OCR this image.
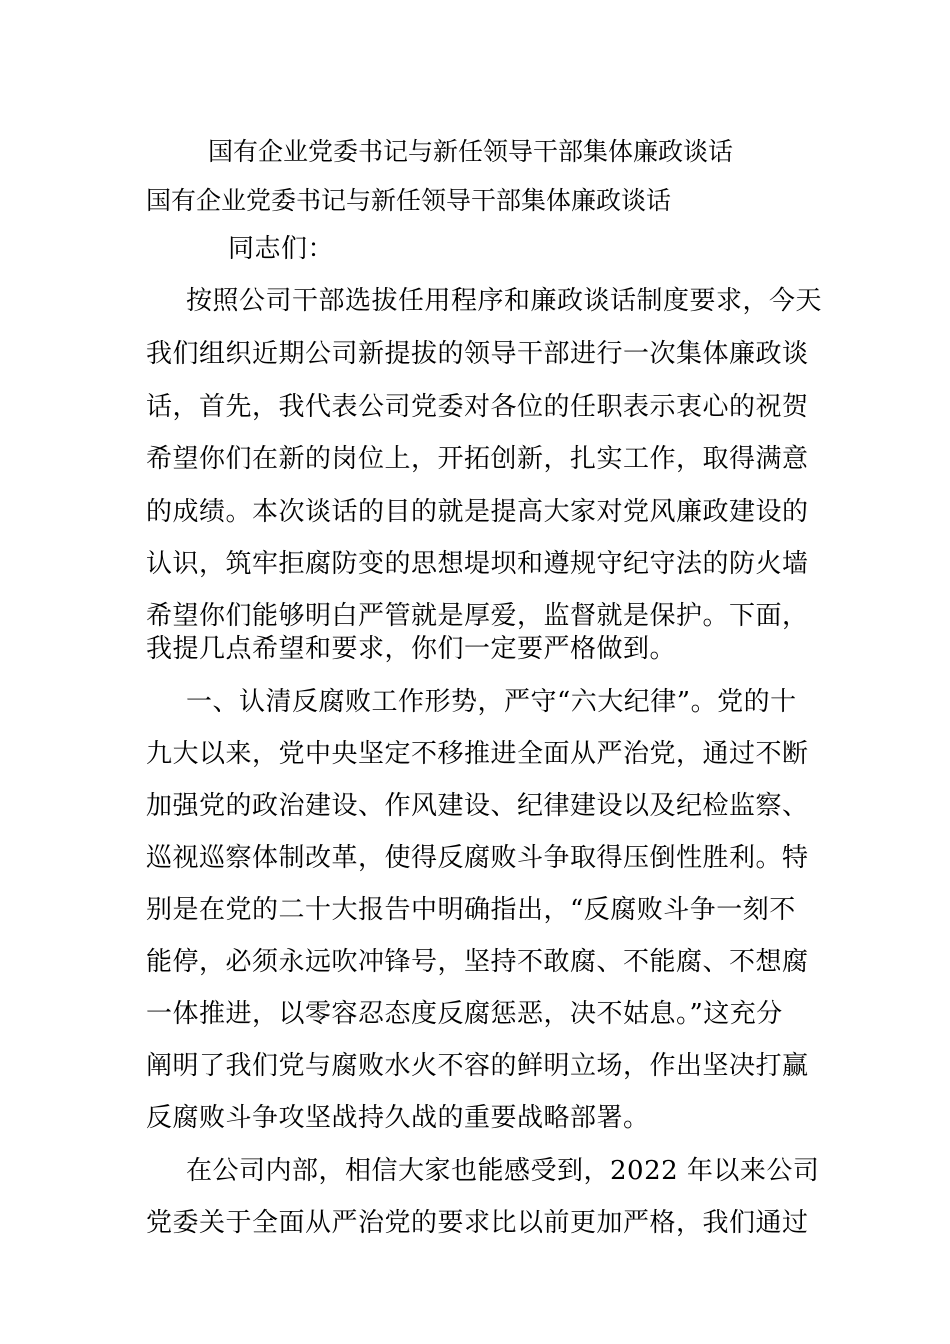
国有企业党委书记与新任领导干部集体廉政谈话
国有企业党委书记与新任领导干部集体廉政谈话
同志们：
按照公司干部选拔任用程序和廉政谈话制度要求，今天
我们组织近期公司新提拔的领导干部进行一次集体廉政谈
话，首先，我代表公司党委对各位的任职表示衷心的祝贺
希望你们在新的岗位上，开拓创新，扎实工作，取得满意
的成绩。本次谈话的目的就是提高大家对党风廉政建设的
认识，筑牢拒腐防变的思想堤坝和遵规守纪守法的防火墙
希望你们能够明白严管就是厚爱，监督就是保护。下面，
我提几点希望和要求，你们一定要严格做到。
一、认清反腐败工作形势，严守“六大纪律”。党的十
九大以来，党中央坚定不移推进全面从严治党，通过不断
加强党的政治建设、作风建设、纪律建设以及纪检监察、
巡视巡察体制改革，使得反腐败斗争取得压倒性胜利。特
别是在党的二十大报告中明确指出，“反腐败斗争一刻不
能停，必须永远吹冲锋号，坚持不敢腐、不能腐、不想腐
一体推进，以零容忍态度反腐惩恶，决不姑息。”这充分
阐明了我们党与腐败水火不容的鲜明立场，作出坚决打赢
反腐败斗争攻坚战持久战的重要战略部署。
在公司内部，相信大家也能感受到，2022 年以来公司
党委关于全面从严治党的要求比以前更加严格，我们通过
